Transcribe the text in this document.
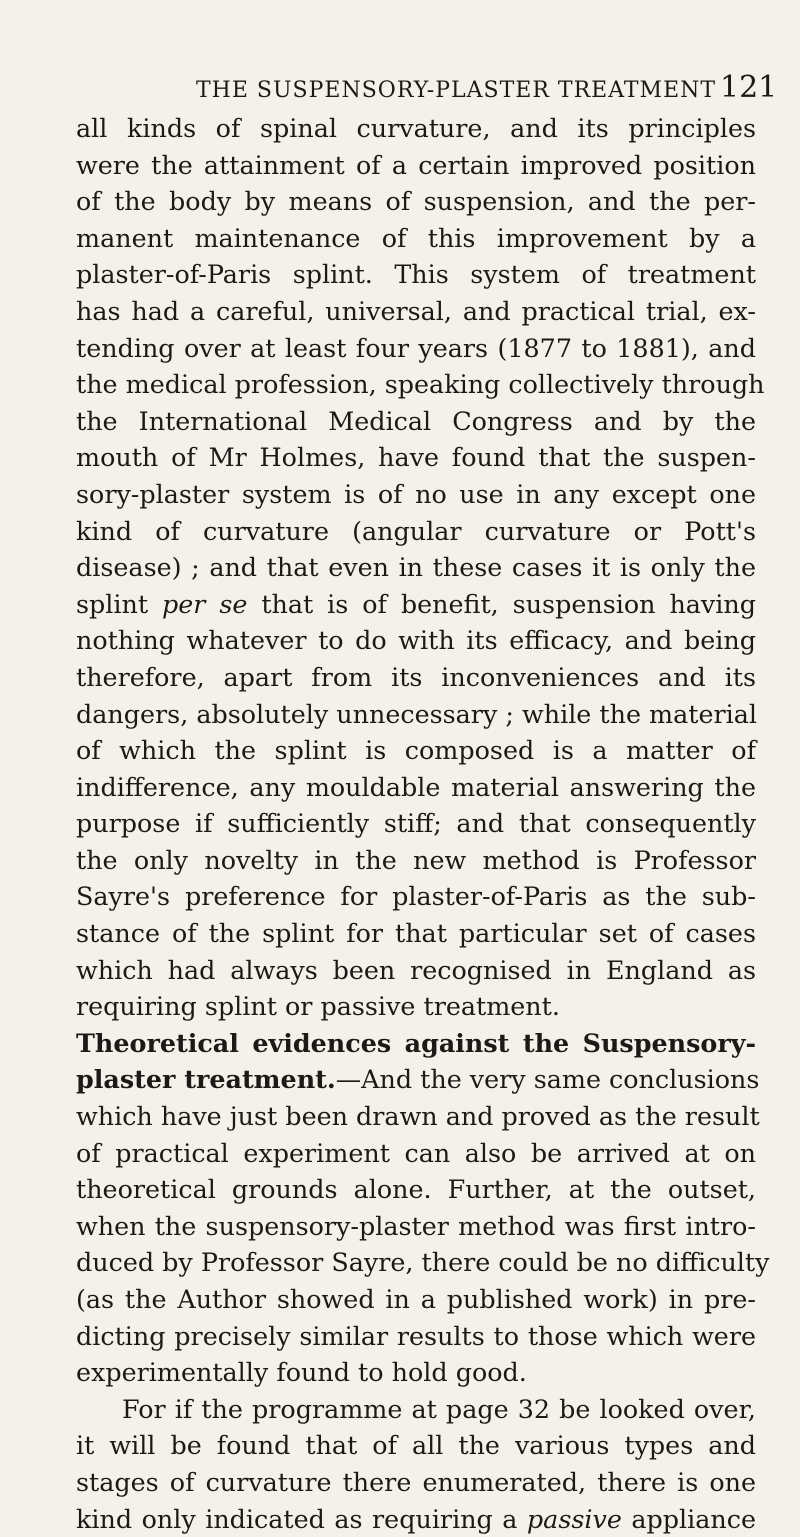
THE SUSPENSORY-PLASTER TREATMENT 121
all kinds of spinal curvature, and its principles
were the attainment of a certain improved position
of the body by means of suspension, and the per-
manent maintenance of this improvement by a
plaster-of-Paris splint. This system of treatment
has had a careful, universal, and practical trial, ex-
tending over at least four years (1877 to 1881), and
the medical profession, speaking collectively through
the International Medical Congress and by the
mouth of Mr Holmes, have found that the suspen-
sory-plaster system is of no use in any except one
kind of curvature (angular curvature or Pott's
disease) ; and that even in these cases it is only the
splint per se that is of benefit, suspension having
nothing whatever to do with its efficacy, and being
therefore, apart from its inconveniences and its
dangers, absolutely unnecessary ; while the material
of which the splint is composed is a matter of
indifference, any mouldable material answering the
purpose if sufficiently stiff; and that consequently
the only novelty in the new method is Professor
Sayre's preference for plaster-of-Paris as the sub-
stance of the splint for that particular set of cases
which had always been recognised in England as
requiring splint or passive treatment.
Theoretical evidences against the Suspensory-
plaster treatment.—And the very same conclusions
which have just been drawn and proved as the result
of practical experiment can also be arrived at on
theoretical grounds alone. Further, at the outset,
when the suspensory-plaster method was first intro-
duced by Professor Sayre, there could be no difficulty
(as the Author showed in a published work) in pre-
dicting precisely similar results to those which were
experimentally found to hold good.
For if the programme at page 32 be looked over,
it will be found that of all the various types and
stages of curvature there enumerated, there is one
kind only indicated as requiring a passive appliance
